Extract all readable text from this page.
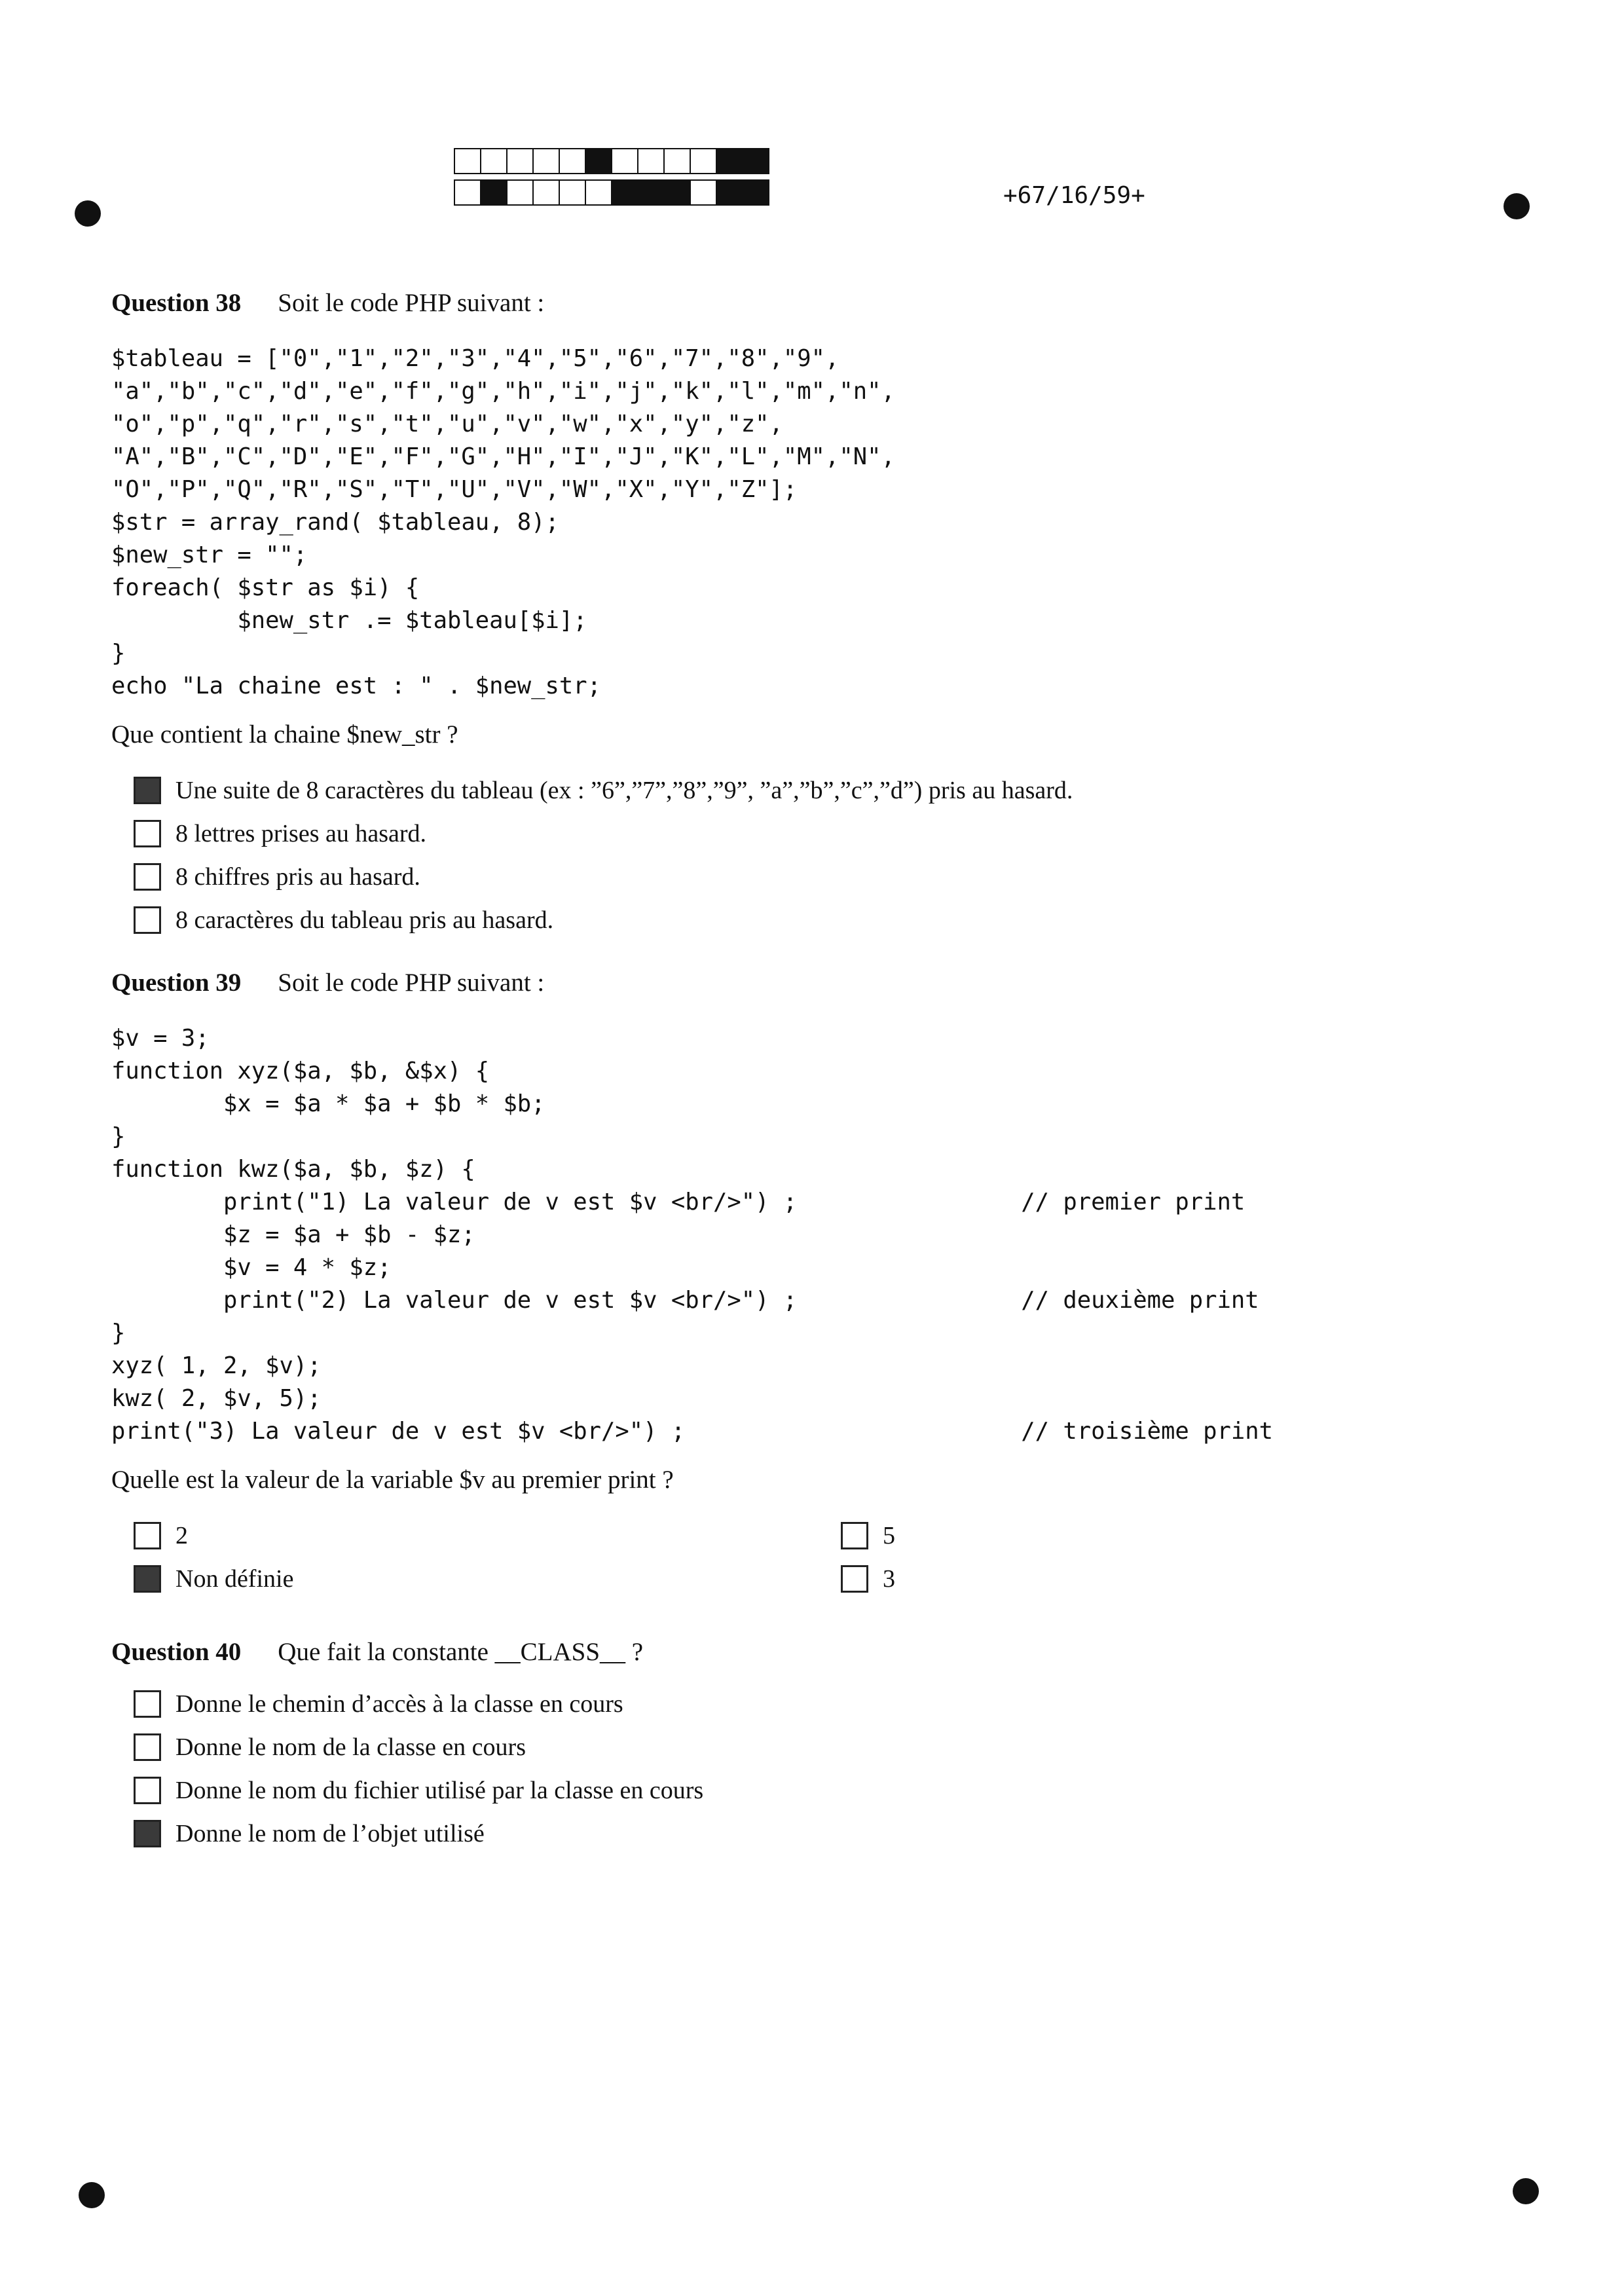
+67/16/59+
Question 38 Soit le code PHP suivant :
$tableau = ["0","1","2","3","4","5","6","7","8","9",
"a","b","c","d","e","f","g","h","i","j","k","l","m","n",
"o","p","q","r","s","t","u","v","w","x","y","z",
"A","B","C","D","E","F","G","H","I","J","K","L","M","N",
"O","P","Q","R","S","T","U","V","W","X","Y","Z"];
$str = array_rand( $tableau, 8);
$new_str = "";
foreach( $str as $i) {
$new_str .= $tableau[$i];
}
echo "La chaine est : " . $new_str;
Que contient la chaine $new_str ?
Une suite de 8 caractères du tableau (ex : ”6”,”7”,”8”,”9”, ”a”,”b”,”c”,”d”) pris au hasard.
8 lettres prises au hasard.
8 chiffres pris au hasard.
8 caractères du tableau pris au hasard.
Question 39 Soit le code PHP suivant :
$v = 3;
function xyz($a, $b, &$x) {
$x = $a * $a + $b * $b;
}
function kwz($a, $b, $z) {
print("1) La valeur de v est $v <br/>") ;                // premier print
$z = $a + $b - $z;
$v = 4 * $z;
print("2) La valeur de v est $v <br/>") ;                // deuxième print
}
xyz( 1, 2, $v);
kwz( 2, $v, 5);
print("3) La valeur de v est $v <br/>") ;                        // troisième print
Quelle est la valeur de la variable $v au premier print ?
2	5
Non définie	3
Question 40 Que fait la constante __CLASS__ ?
Donne le chemin d’accès à la classe en cours
Donne le nom de la classe en cours
Donne le nom du fichier utilisé par la classe en cours
Donne le nom de l’objet utilisé
